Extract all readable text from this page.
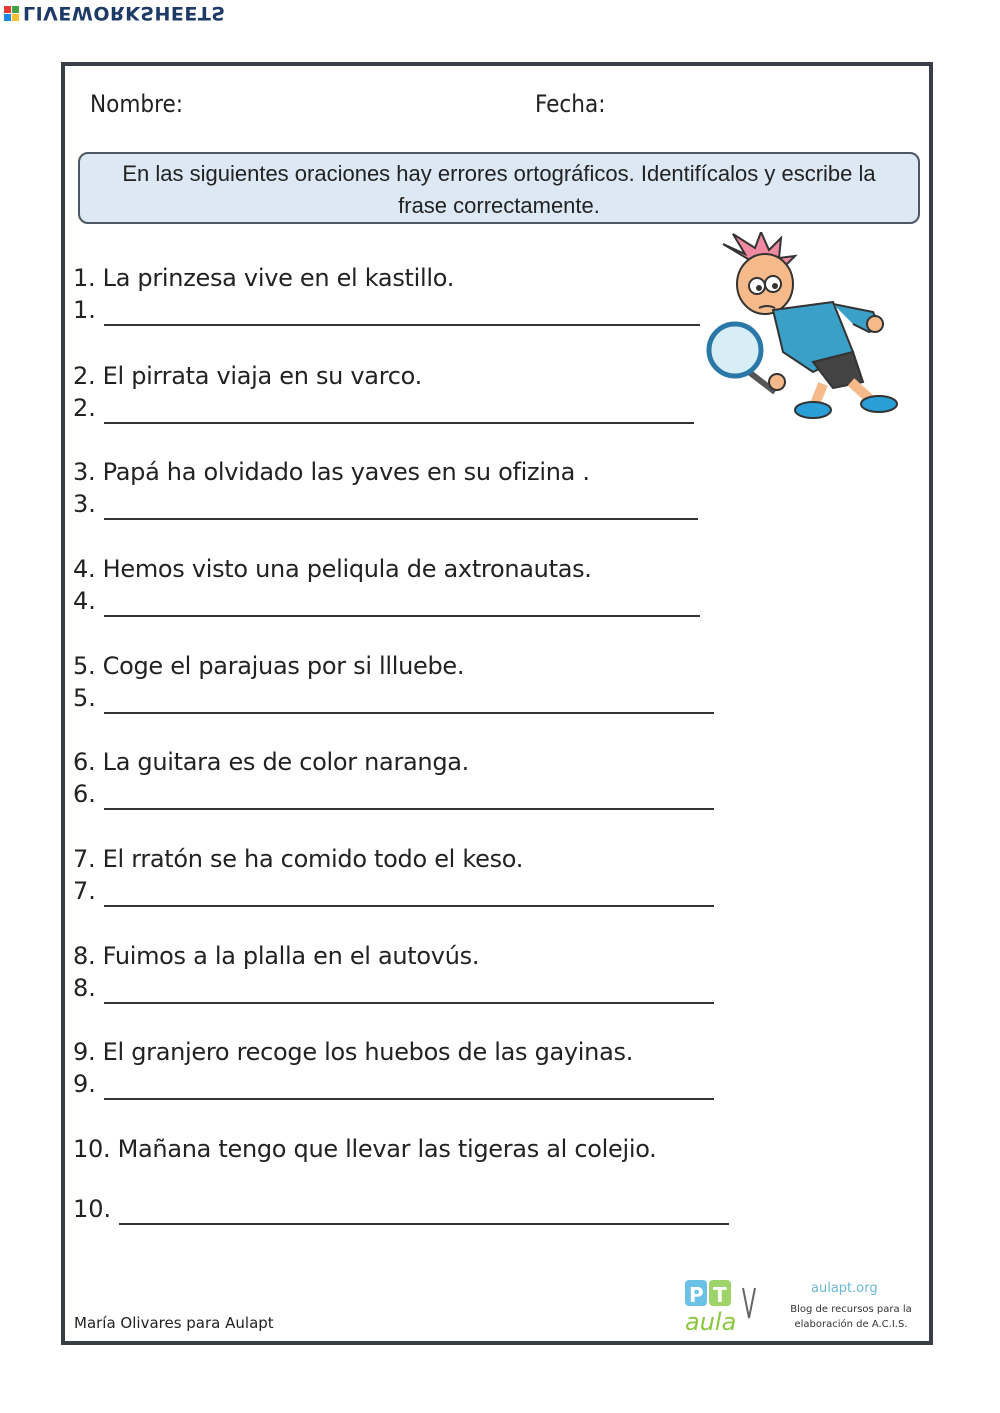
LIVEWORKSHEETS
Nombre:	Fecha:
En las siguientes oraciones hay errores ortográficos. Identifícalos y escribe la frase correctamente.
1. La prinzesa vive en el kastillo.
1.
2. El pirrata viaja en su varco.
2.
3. Papá ha olvidado las yaves en su ofizina .
3.
4. Hemos visto una peliqula de axtronautas.
4.
5. Coge el parajuas por si llluebe.
5.
6. La guitara es de color naranga.
6.
7. El rratón se ha comido todo el keso.
7.
8. Fuimos a la plalla en el autovús.
8.
9. El granjero recoge los huebos de las gayinas.
9.
10. Mañana tengo que llevar las tigeras al colejio.
10.
María Olivares para Aulapt
P T
aula
aulapt.org
Blog de recursos para la elaboración de A.C.I.S.
